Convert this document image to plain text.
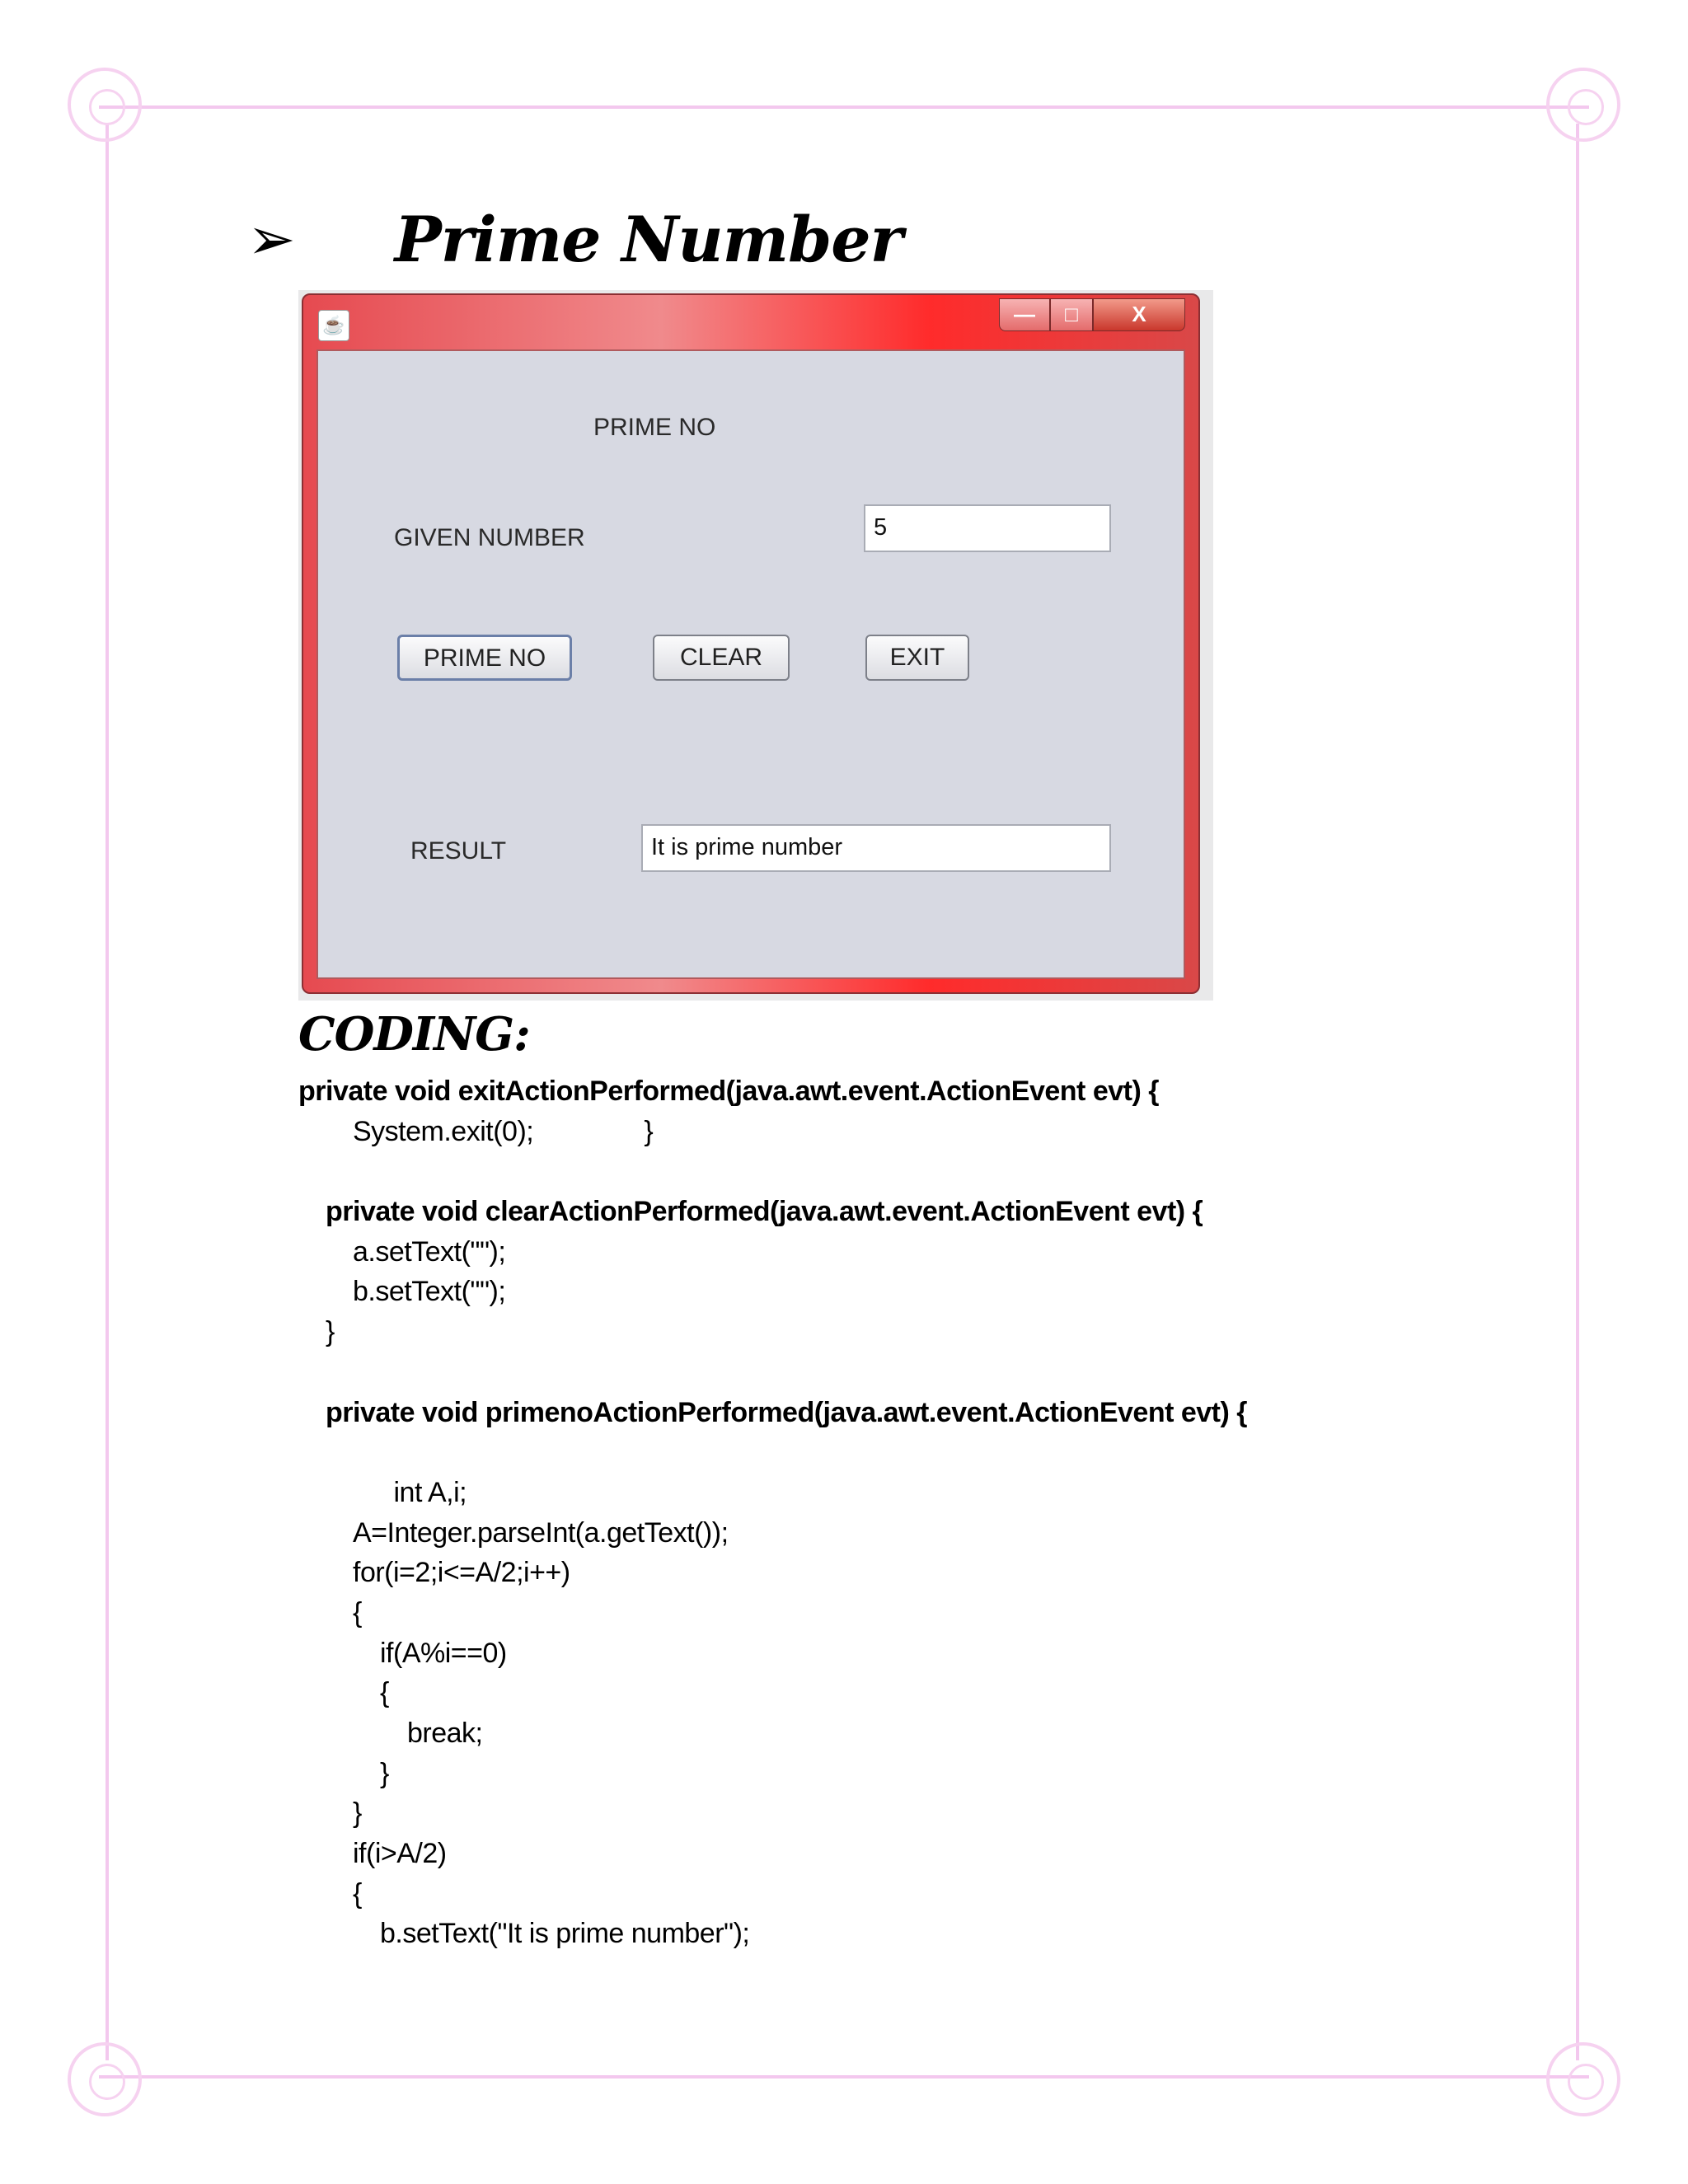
➢ Prime Number
☕	—	□	X
PRIME NO
GIVEN NUMBER	5
PRIME NO	CLEAR	EXIT
RESULT	It is prime number
CODING:
private void exitActionPerformed(java.awt.event.ActionEvent evt) {
System.exit(0);               }
private void clearActionPerformed(java.awt.event.ActionEvent evt) {
a.setText("");
b.setText("");
}
private void primenoActionPerformed(java.awt.event.ActionEvent evt) {
int A,i;
A=Integer.parseInt(a.getText());
for(i=2;i<=A/2;i++)
{
if(A%i==0)
{
break;
}
}
if(i>A/2)
{
b.setText("It is prime number");
